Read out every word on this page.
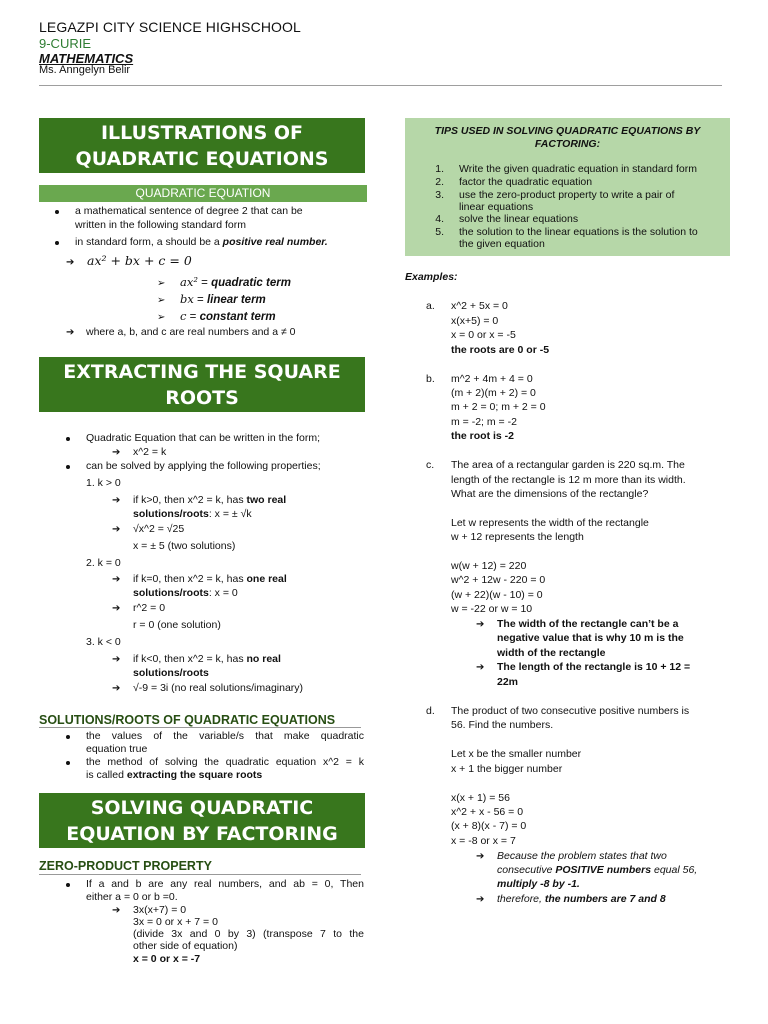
LEGAZPI CITY SCIENCE HIGHSCHOOL
9-CURIE
MATHEMATICS
Ms. Anngelyn Belir
ILLUSTRATIONS OF
QUADRATIC EQUATIONS
QUADRATIC EQUATION
a mathematical sentence of degree 2 that can be
written in the following standard form
in standard form, a should be a positive real number.
➔ ax² + bx + c = 0
➢ ax² = quadratic term
➢ bx = linear term
➢ c = constant term
➔ where a, b, and c are real numbers and a ≠ 0
EXTRACTING THE SQUARE
ROOTS
Quadratic Equation that can be written in the form;
➔ x^2 = k
can be solved by applying the following properties;
1. k > 0
➔ if k>0, then x^2 = k, has two real
solutions/roots: x = ± √k
➔ √x^2 = √25
x = ± 5 (two solutions)
2. k = 0
➔ if k=0, then x^2 = k, has one real
solutions/roots: x = 0
➔ r^2 = 0
r = 0 (one solution)
3. k < 0
➔ if k<0, then x^2 = k, has no real
solutions/roots
➔ √-9 = 3i (no real solutions/imaginary)
SOLUTIONS/ROOTS OF QUADRATIC EQUATIONS
the values of the variable/s that make quadratic
equation true
the method of solving the quadratic equation x^2 = k
is called extracting the square roots
SOLVING QUADRATIC
EQUATION BY FACTORING
ZERO-PRODUCT PROPERTY
If a and b are any real numbers, and ab = 0, Then
either a = 0 or b =0.
➔ 3x(x+7) = 0
3x = 0 or x + 7 = 0
(divide 3x and 0 by 3) (transpose 7 to the
other side of equation)
x = 0 or x = -7
TIPS USED IN SOLVING QUADRATIC EQUATIONS BY
FACTORING:
1. Write the given quadratic equation in standard form
2. factor the quadratic equation
3. use the zero-product property to write a pair of
linear equations
4. solve the linear equations
5. the solution to the linear equations is the solution to
the given equation
Examples:
a. x^2 + 5x = 0
x(x+5) = 0
x = 0 or x = -5
the roots are 0 or -5
b. m^2 + 4m + 4 = 0
(m + 2)(m + 2) = 0
m + 2 = 0; m + 2 = 0
m = -2; m = -2
the root is -2
c. The area of a rectangular garden is 220 sq.m. The
length of the rectangle is 12 m more than its width.
What are the dimensions of the rectangle?
Let w represents the width of the rectangle
w + 12 represents the length
w(w + 12) = 220
w^2 + 12w - 220 = 0
(w + 22)(w - 10) = 0
w = -22 or w = 10
➔ The width of the rectangle can’t be a
negative value that is why 10 m is the
width of the rectangle
➔ The length of the rectangle is 10 + 12 =
22m
d. The product of two consecutive positive numbers is
56. Find the numbers.
Let x be the smaller number
x + 1 the bigger number
x(x + 1) = 56
x^2 + x - 56 = 0
(x + 8)(x - 7) = 0
x = -8 or x = 7
➔ Because the problem states that two
consecutive POSITIVE numbers equal 56,
multiply -8 by -1.
➔ therefore, the numbers are 7 and 8
